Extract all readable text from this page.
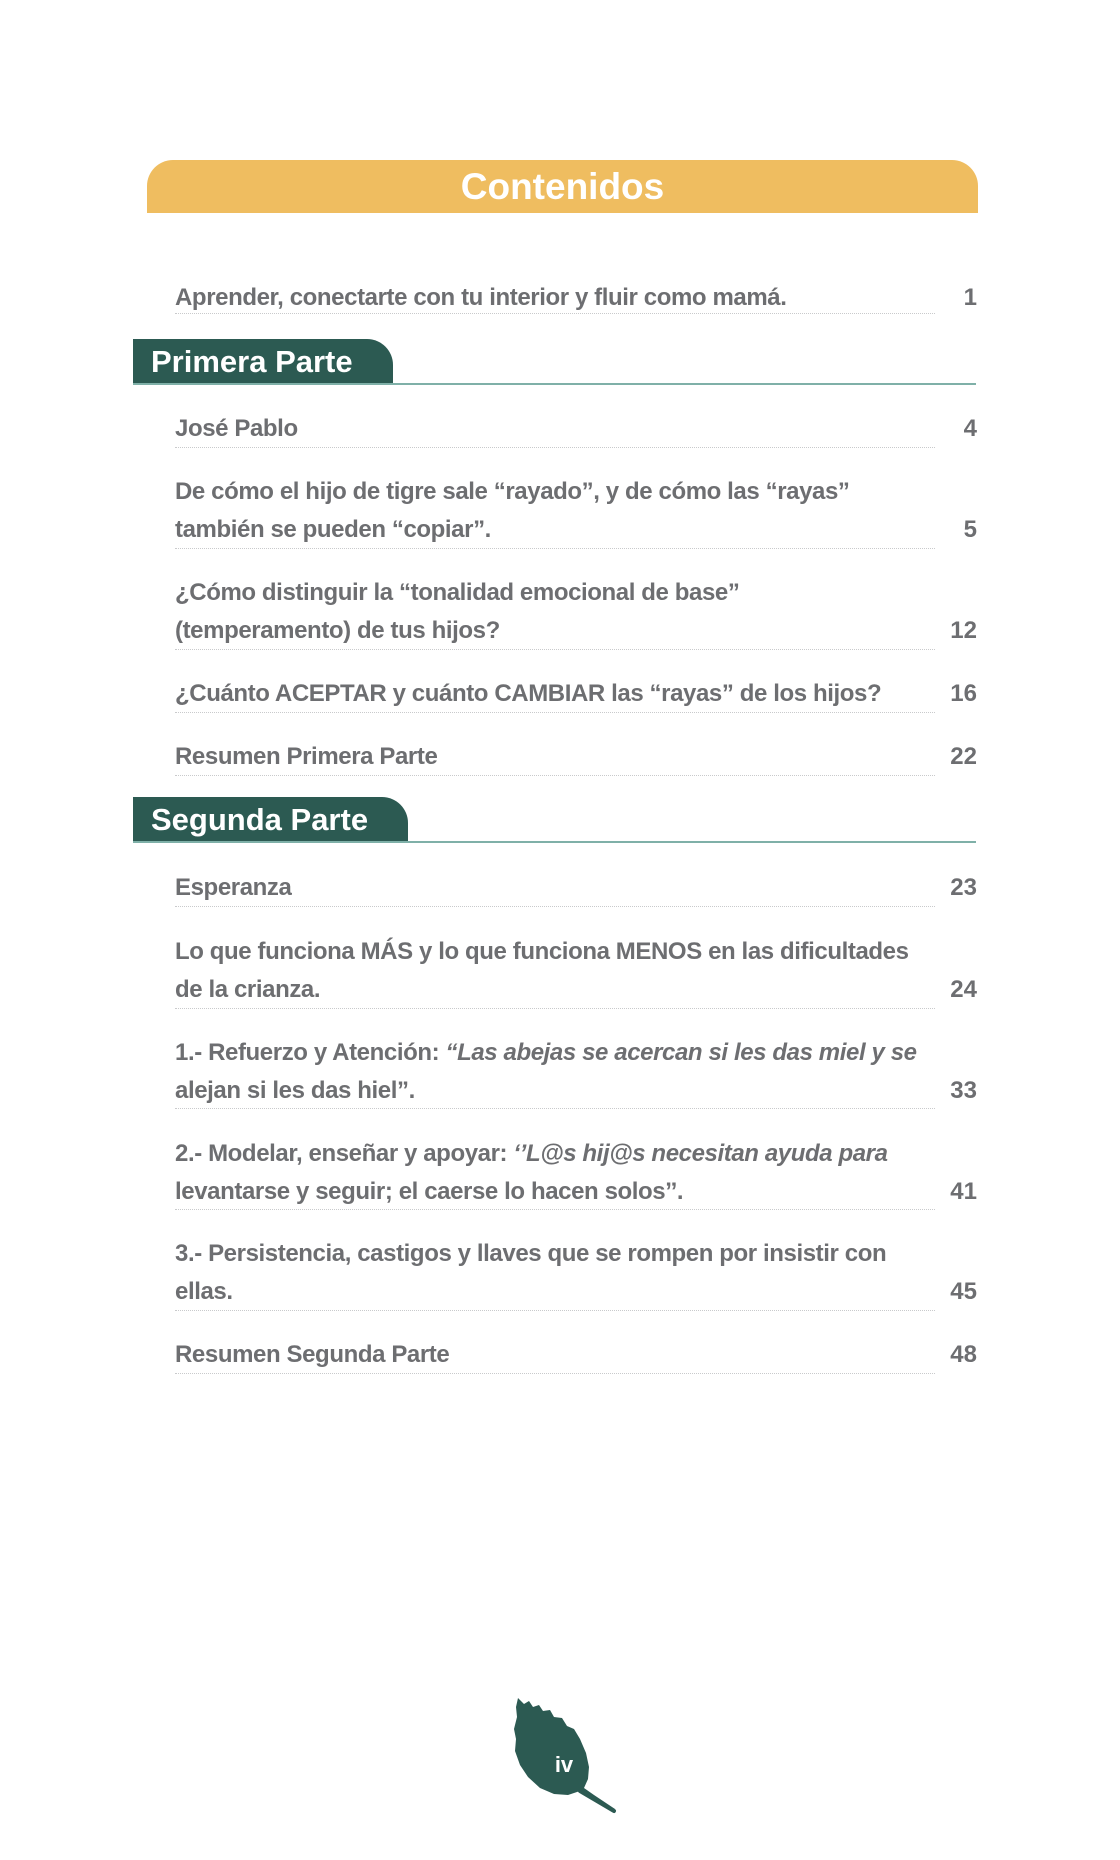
Contenidos
Aprender, conectarte con tu interior y fluir como mamá.	1
Primera Parte
José Pablo	4
De cómo el hijo de tigre sale “rayado”, y de cómo las “rayas”
también se pueden “copiar”.	5
¿Cómo distinguir la “tonalidad emocional de base”
(temperamento) de tus hijos?	12
¿Cuánto ACEPTAR y cuánto CAMBIAR las “rayas” de los hijos?	16
Resumen Primera Parte	22
Segunda Parte
Esperanza	23
Lo que funciona MÁS y lo que funciona MENOS en las dificultades
de la crianza.	24
1.- Refuerzo y Atención: “Las abejas se acercan si les das miel y se
alejan si les das hiel”.	33
2.- Modelar, enseñar y apoyar: ‘’L@s hij@s necesitan ayuda para
levantarse y seguir; el caerse lo hacen solos’’.	41
3.- Persistencia, castigos y llaves que se rompen por insistir con
ellas.	45
Resumen Segunda Parte	48
iv
